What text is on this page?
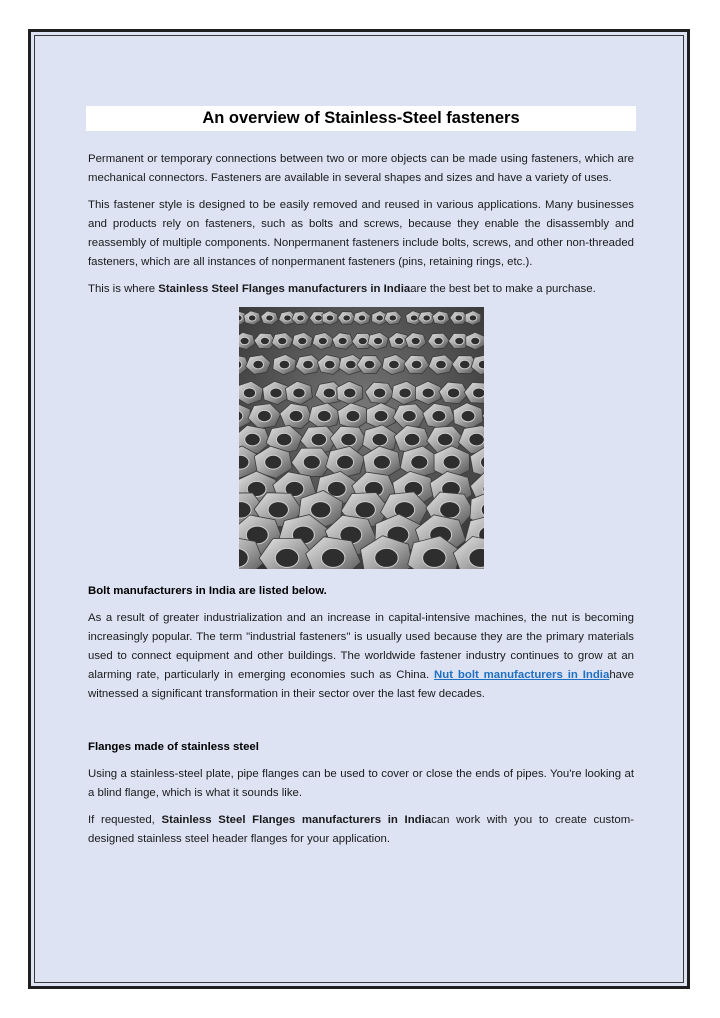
An overview of Stainless-Steel fasteners

Permanent or temporary connections between two or more objects can be made using fasteners, which are mechanical connectors. Fasteners are available in several shapes and sizes and have a variety of uses.

This fastener style is designed to be easily removed and reused in various applications. Many businesses and products rely on fasteners, such as bolts and screws, because they enable the disassembly and reassembly of multiple components. Nonpermanent fasteners include bolts, screws, and other non-threaded fasteners, which are all instances of nonpermanent fasteners (pins, retaining rings, etc.).

This is where Stainless Steel Flanges manufacturers in Indiaare the best bet to make a purchase.

Bolt manufacturers in India are listed below.

As a result of greater industrialization and an increase in capital-intensive machines, the nut is becoming increasingly popular. The term "industrial fasteners" is usually used because they are the primary materials used to connect equipment and other buildings. The worldwide fastener industry continues to grow at an alarming rate, particularly in emerging economies such as China. Nut bolt manufacturers in Indiahave witnessed a significant transformation in their sector over the last few decades.

Flanges made of stainless steel

Using a stainless-steel plate, pipe flanges can be used to cover or close the ends of pipes. You're looking at a blind flange, which is what it sounds like.

If requested, Stainless Steel Flanges manufacturers in Indiacan work with you to create custom-designed stainless steel header flanges for your application.
